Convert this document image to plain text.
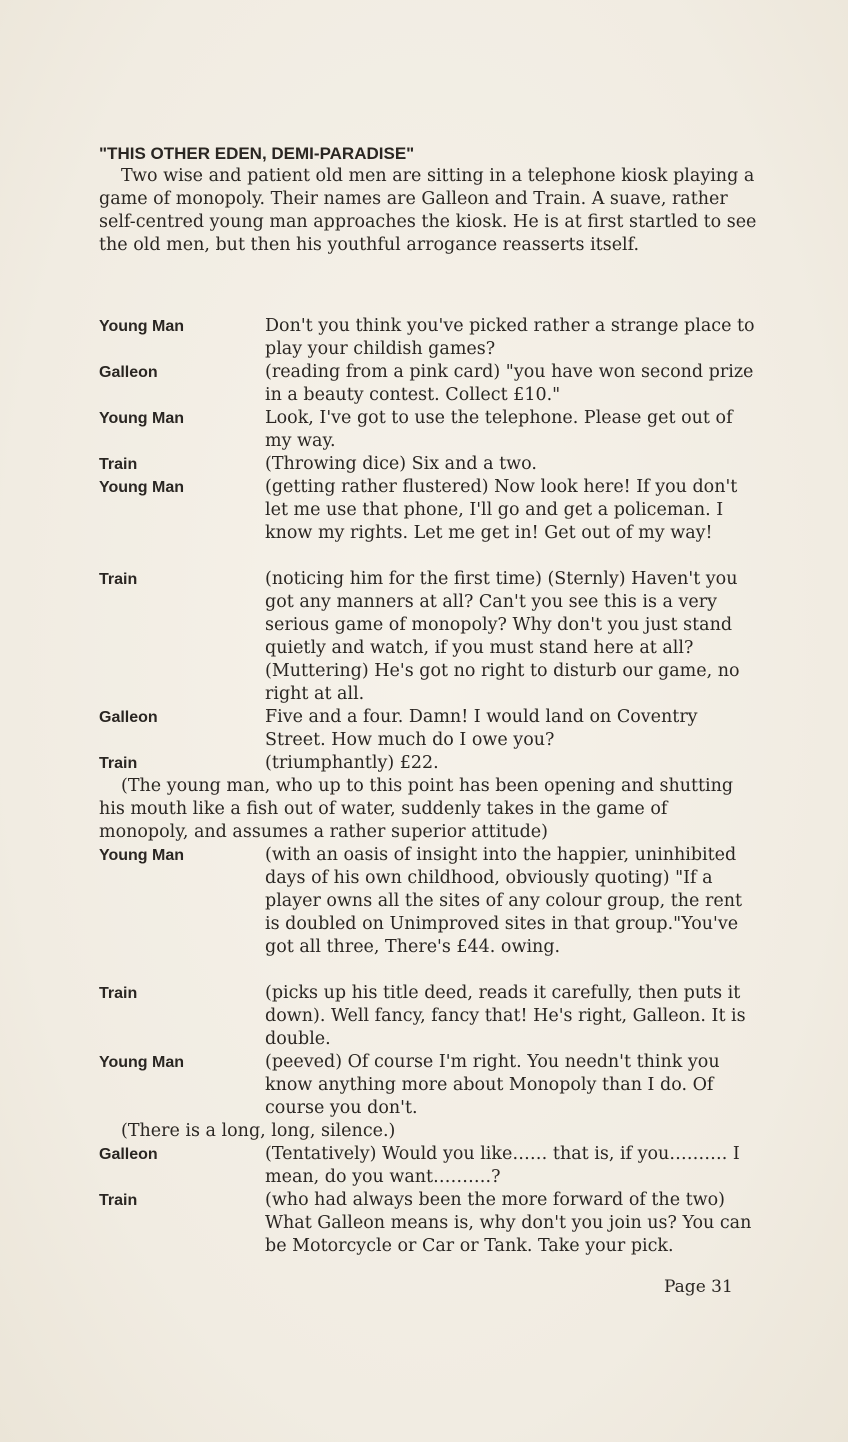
"THIS OTHER EDEN, DEMI-PARADISE"

Two wise and patient old men are sitting in a telephone kiosk playing a game of monopoly. Their names are Galleon and Train. A suave, rather self-centred young man approaches the kiosk. He is at first startled to see the old men, but then his youthful arrogance reasserts itself.

Young Man	Don't you think you've picked rather a strange place to play your childish games?
Galleon	(reading from a pink card) "you have won second prize in a beauty contest. Collect £10."
Young Man	Look, I've got to use the telephone. Please get out of my way.
Train	(Throwing dice) Six and a two.
Young Man	(getting rather flustered) Now look here! If you don't let me use that phone, I'll go and get a policeman. I know my rights. Let me get in! Get out of my way!
Train	(noticing him for the first time) (Sternly) Haven't you got any manners at all? Can't you see this is a very serious game of monopoly? Why don't you just stand quietly and watch, if you must stand here at all? (Muttering) He's got no right to disturb our game, no right at all.
Galleon	Five and a four. Damn! I would land on Coventry Street. How much do I owe you?
Train	(triumphantly) £22.
(The young man, who up to this point has been opening and shutting his mouth like a fish out of water, suddenly takes in the game of monopoly, and assumes a rather superior attitude)
Young Man	(with an oasis of insight into the happier, uninhibited days of his own childhood, obviously quoting) "If a player owns all the sites of any colour group, the rent is doubled on Unimproved sites in that group."You've got all three, There's £44. owing.
Train	(picks up his title deed, reads it carefully, then puts it down). Well fancy, fancy that! He's right, Galleon. It is double.
Young Man	(peeved) Of course I'm right. You needn't think you know anything more about Monopoly than I do. Of course you don't.
(There is a long, long, silence.)
Galleon	(Tentatively) Would you like…… that is, if you………. I mean, do you want……….?
Train	(who had always been the more forward of the two) What Galleon means is, why don't you join us? You can be Motorcycle or Car or Tank. Take your pick.
Page 31
